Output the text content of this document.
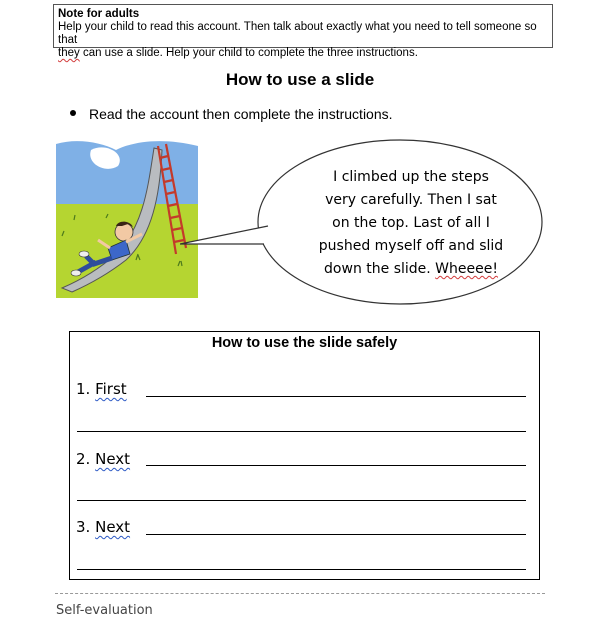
Note for adults
Help your child to read this account. Then talk about exactly what you need to tell someone so that
they can use a slide. Help your child to complete the three instructions.
How to use a slide
Read the account then complete the instructions.
I climbed up the steps
very carefully. Then I sat
on the top. Last of all I
pushed myself off and slid
down the slide. Wheeee!
How to use the slide safely
1. First
2. Next
3. Next
Self-evaluation
